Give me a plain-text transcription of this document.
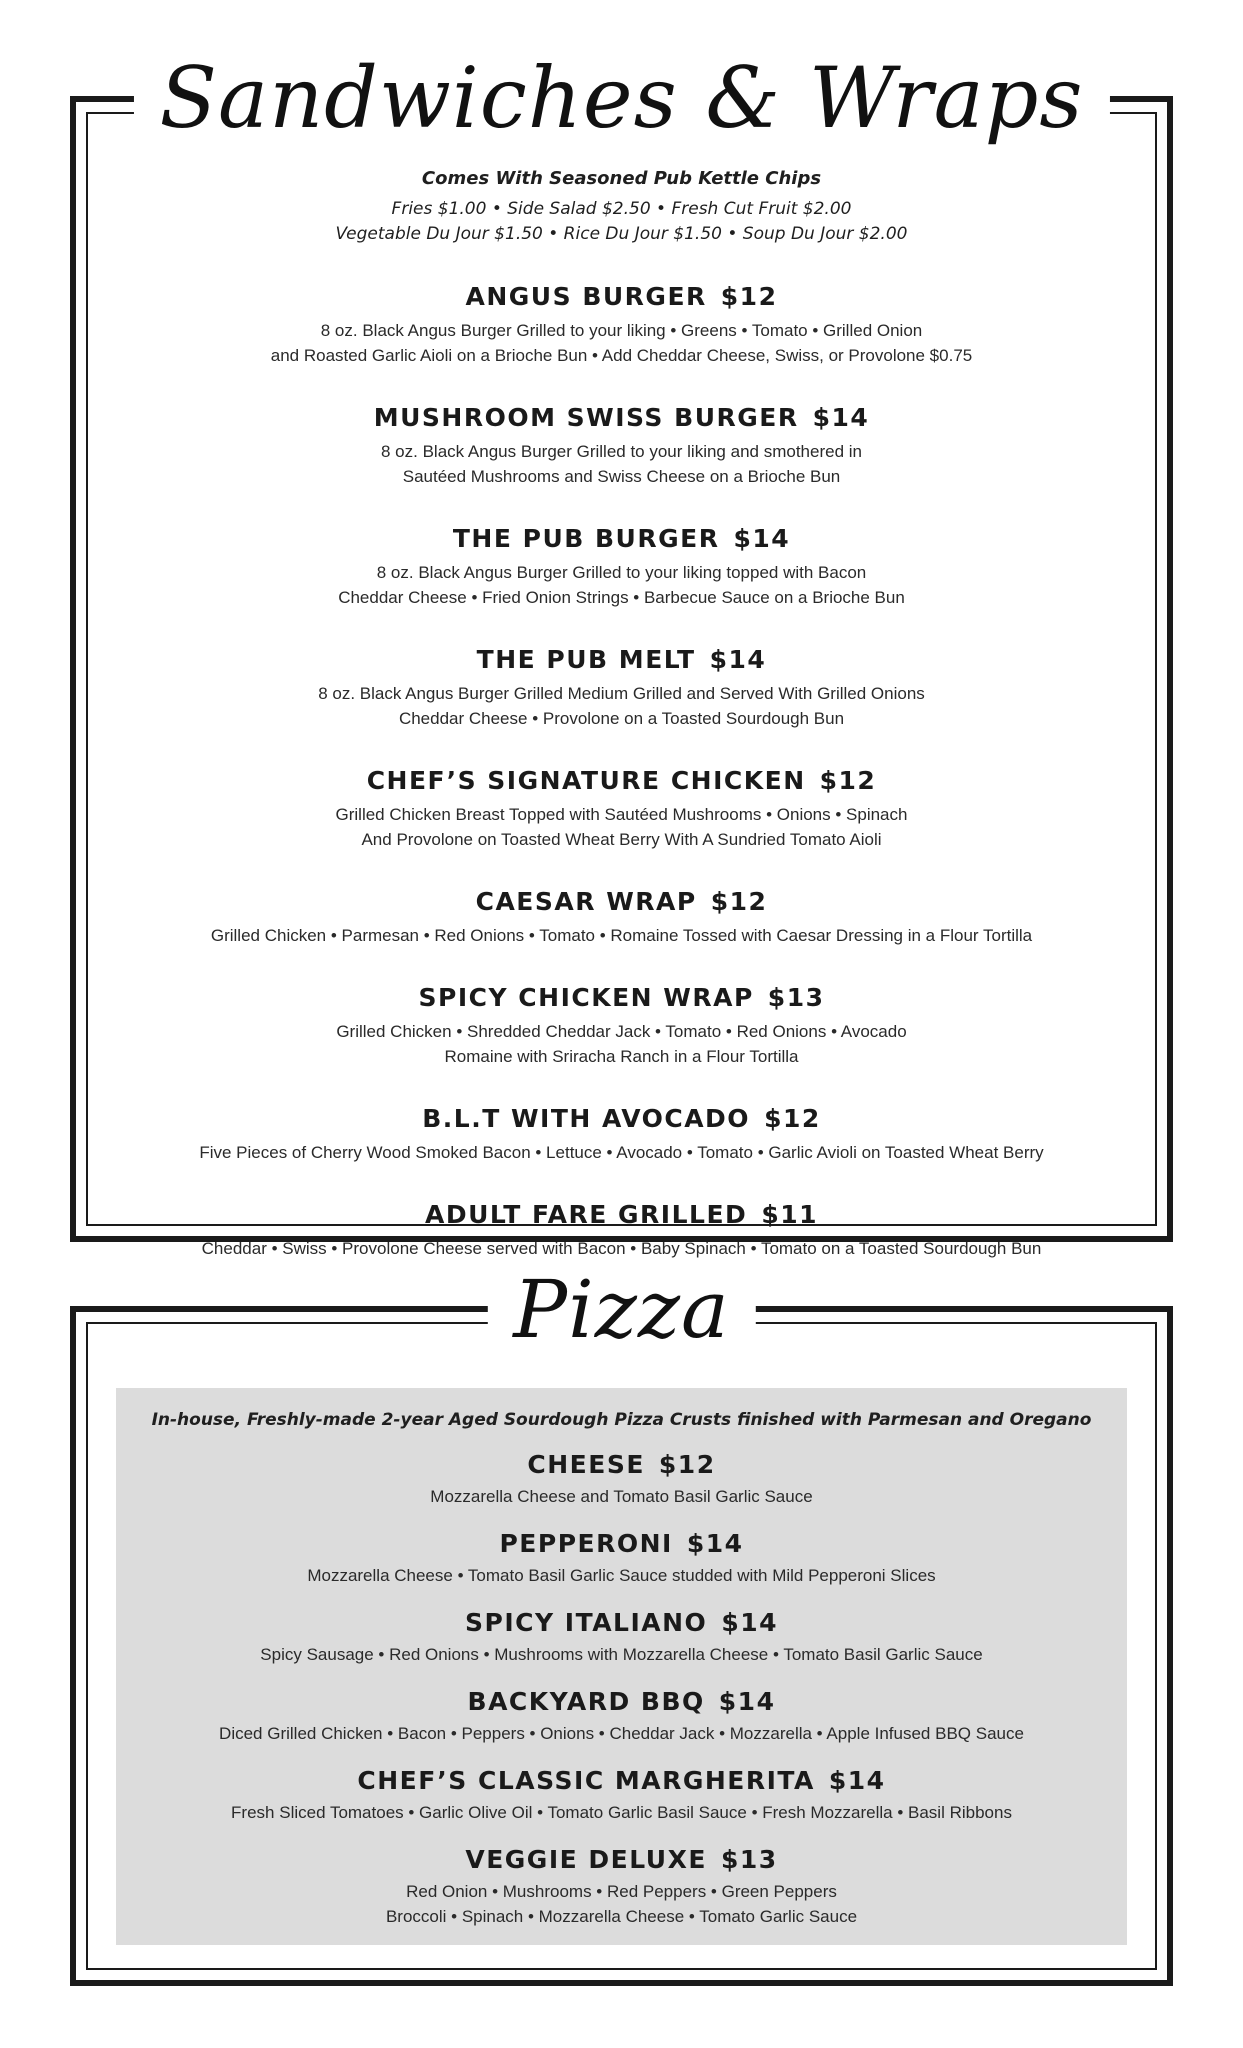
Sandwiches & Wraps

Comes With Seasoned Pub Kettle Chips

Fries $1.00 • Side Salad $2.50 • Fresh Cut Fruit $2.00

Vegetable Du Jour $1.50 • Rice Du Jour $1.50 • Soup Du Jour $2.00

ANGUS BURGER $12

8 oz. Black Angus Burger Grilled to your liking • Greens • Tomato • Grilled Onion

and Roasted Garlic Aioli on a Brioche Bun • Add Cheddar Cheese, Swiss, or Provolone $0.75

MUSHROOM SWISS BURGER $14

8 oz. Black Angus Burger Grilled to your liking and smothered in

Sautéed Mushrooms and Swiss Cheese on a Brioche Bun

THE PUB BURGER $14

8 oz. Black Angus Burger Grilled to your liking topped with Bacon

Cheddar Cheese • Fried Onion Strings • Barbecue Sauce on a Brioche Bun

THE PUB MELT $14

8 oz. Black Angus Burger Grilled Medium Grilled and Served With Grilled Onions

Cheddar Cheese • Provolone on a Toasted Sourdough Bun

CHEF’S SIGNATURE CHICKEN $12

Grilled Chicken Breast Topped with Sautéed Mushrooms • Onions • Spinach

And Provolone on Toasted Wheat Berry With A Sundried Tomato Aioli

CAESAR WRAP $12

Grilled Chicken • Parmesan • Red Onions • Tomato • Romaine Tossed with Caesar Dressing in a Flour Tortilla

SPICY CHICKEN WRAP $13

Grilled Chicken • Shredded Cheddar Jack • Tomato • Red Onions • Avocado

Romaine with Sriracha Ranch in a Flour Tortilla

B.L.T WITH AVOCADO $12

Five Pieces of Cherry Wood Smoked Bacon • Lettuce • Avocado • Tomato • Garlic Avioli on Toasted Wheat Berry

ADULT FARE GRILLED $11

Cheddar • Swiss • Provolone Cheese served with Bacon • Baby Spinach • Tomato on a Toasted Sourdough Bun

Pizza

In-house, Freshly-made 2-year Aged Sourdough Pizza Crusts finished with Parmesan and Oregano

CHEESE $12

Mozzarella Cheese and Tomato Basil Garlic Sauce

PEPPERONI $14

Mozzarella Cheese • Tomato Basil Garlic Sauce studded with Mild Pepperoni Slices

SPICY ITALIANO $14

Spicy Sausage • Red Onions • Mushrooms with Mozzarella Cheese • Tomato Basil Garlic Sauce

BACKYARD BBQ $14

Diced Grilled Chicken • Bacon • Peppers • Onions • Cheddar Jack • Mozzarella • Apple Infused BBQ Sauce

CHEF’S CLASSIC MARGHERITA $14

Fresh Sliced Tomatoes • Garlic Olive Oil • Tomato Garlic Basil Sauce • Fresh Mozzarella • Basil Ribbons

VEGGIE DELUXE $13

Red Onion • Mushrooms • Red Peppers • Green Peppers

Broccoli • Spinach • Mozzarella Cheese • Tomato Garlic Sauce
